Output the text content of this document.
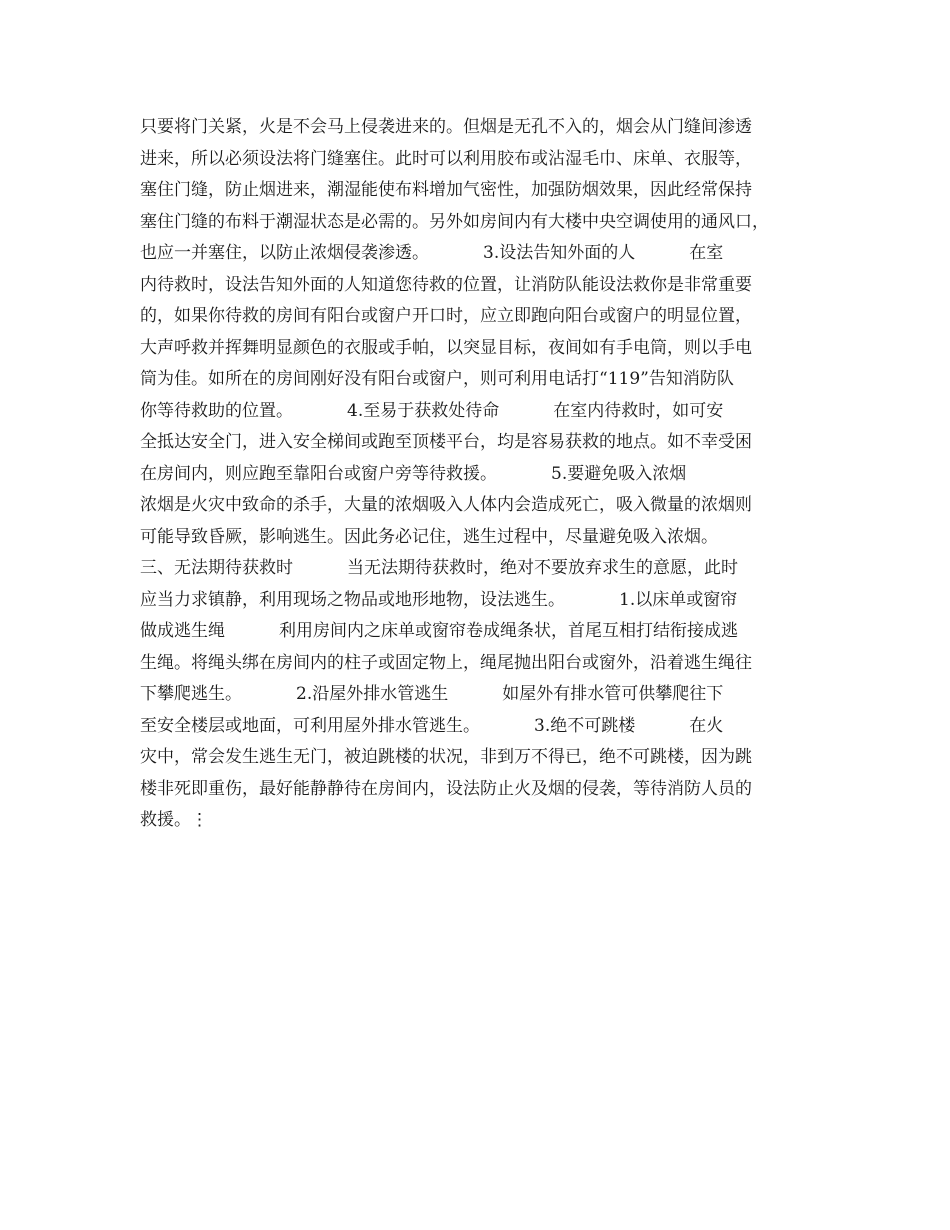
只要将门关紧，火是不会马上侵袭进来的。但烟是无孔不入的，烟会从门缝间渗透
进来，所以必须设法将门缝塞住。此时可以利用胶布或沾湿毛巾、床单、衣服等，
塞住门缝，防止烟进来，潮湿能使布料增加气密性，加强防烟效果，因此经常保持
塞住门缝的布料于潮湿状态是必需的。另外如房间内有大楼中央空调使用的通风口，
也应一并塞住，以防止浓烟侵袭渗透。          3.设法告知外面的人          在室
内待救时，设法告知外面的人知道您待救的位置，让消防队能设法救你是非常重要
的，如果你待救的房间有阳台或窗户开口时，应立即跑向阳台或窗户的明显位置，
大声呼救并挥舞明显颜色的衣服或手帕，以突显目标，夜间如有手电筒，则以手电
筒为佳。如所在的房间刚好没有阳台或窗户，则可利用电话打“119”告知消防队
你等待救助的位置。          4.至易于获救处待命          在室内待救时，如可安
全抵达安全门，进入安全梯间或跑至顶楼平台，均是容易获救的地点。如不幸受困
在房间内，则应跑至靠阳台或窗户旁等待救援。          5.要避免吸入浓烟
浓烟是火灾中致命的杀手，大量的浓烟吸入人体内会造成死亡，吸入微量的浓烟则
可能导致昏厥，影响逃生。因此务必记住，逃生过程中，尽量避免吸入浓烟。
三、无法期待获救时          当无法期待获救时，绝对不要放弃求生的意愿，此时
应当力求镇静，利用现场之物品或地形地物，设法逃生。          1.以床单或窗帘
做成逃生绳          利用房间内之床单或窗帘卷成绳条状，首尾互相打结衔接成逃
生绳。将绳头绑在房间内的柱子或固定物上，绳尾抛出阳台或窗外，沿着逃生绳往
下攀爬逃生。          2.沿屋外排水管逃生          如屋外有排水管可供攀爬往下
至安全楼层或地面，可利用屋外排水管逃生。          3.绝不可跳楼          在火
灾中，常会发生逃生无门，被迫跳楼的状况，非到万不得已，绝不可跳楼，因为跳
楼非死即重伤，最好能静静待在房间内，设法防止火及烟的侵袭，等待消防人员的
救援。⋮
